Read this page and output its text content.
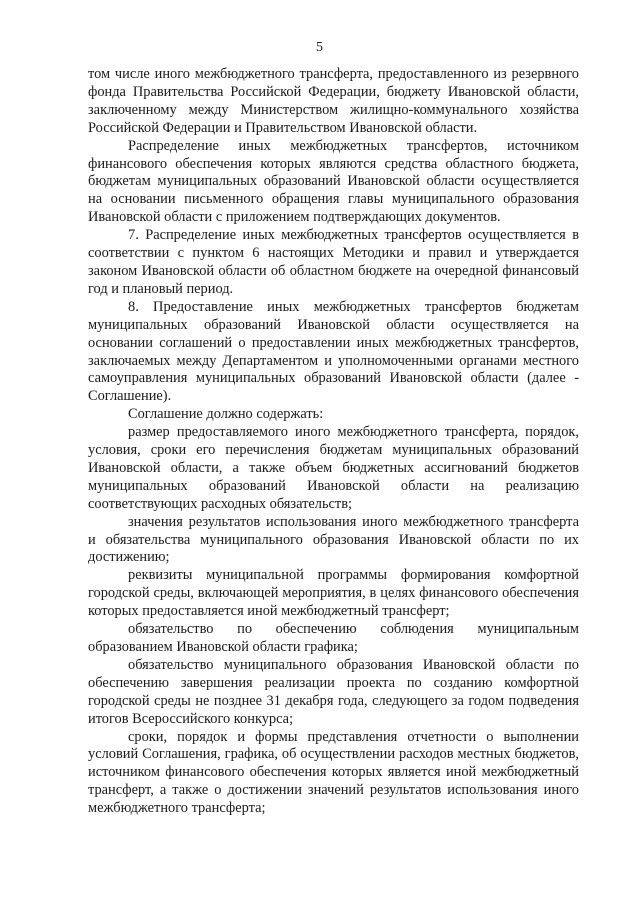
5

том числе иного межбюджетного трансферта, предоставленного из резервного фонда Правительства Российской Федерации, бюджету Ивановской области, заключенному между Министерством жилищно-коммунального хозяйства Российской Федерации и Правительством Ивановской области.

Распределение иных межбюджетных трансфертов, источником финансового обеспечения которых являются средства областного бюджета, бюджетам муниципальных образований Ивановской области осуществляется на основании письменного обращения главы муниципального образования Ивановской области с приложением подтверждающих документов.

7. Распределение иных межбюджетных трансфертов осуществляется в соответствии с пунктом 6 настоящих Методики и правил и утверждается законом Ивановской области об областном бюджете на очередной финансовый год и плановый период.

8. Предоставление иных межбюджетных трансфертов бюджетам муниципальных образований Ивановской области осуществляется на основании соглашений о предоставлении иных межбюджетных трансфертов, заключаемых между Департаментом и уполномоченными органами местного самоуправления муниципальных образований Ивановской области (далее - Соглашение).

Соглашение должно содержать:

размер предоставляемого иного межбюджетного трансферта, порядок, условия, сроки его перечисления бюджетам муниципальных образований Ивановской области, а также объем бюджетных ассигнований бюджетов муниципальных образований Ивановской области на реализацию соответствующих расходных обязательств;

значения результатов использования иного межбюджетного трансферта и обязательства муниципального образования Ивановской области по их достижению;

реквизиты муниципальной программы формирования комфортной городской среды, включающей мероприятия, в целях финансового обеспечения которых предоставляется иной межбюджетный трансферт;

обязательство по обеспечению соблюдения муниципальным образованием Ивановской области графика;

обязательство муниципального образования Ивановской области по обеспечению завершения реализации проекта по созданию комфортной городской среды не позднее 31 декабря года, следующего за годом подведения итогов Всероссийского конкурса;

сроки, порядок и формы представления отчетности о выполнении условий Соглашения, графика, об осуществлении расходов местных бюджетов, источником финансового обеспечения которых является иной межбюджетный трансферт, а также о достижении значений результатов использования иного межбюджетного трансферта;
